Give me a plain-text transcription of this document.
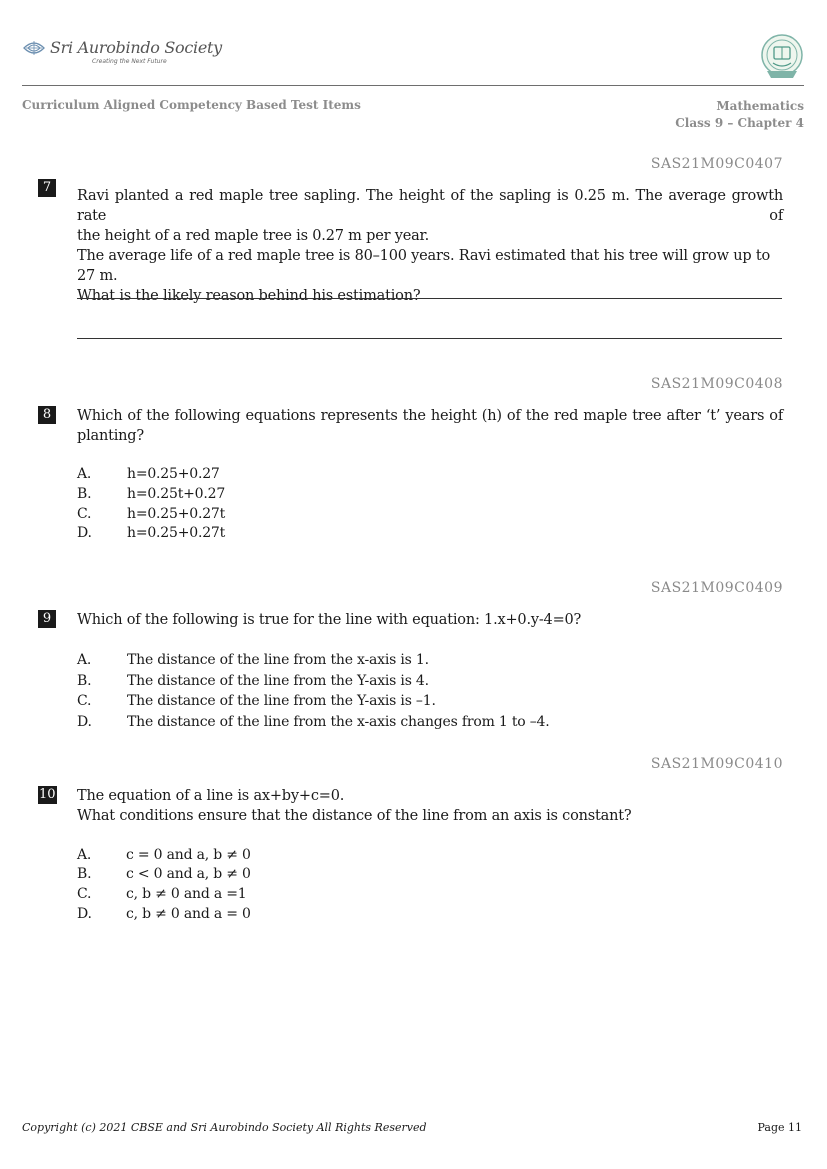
Sri Aurobindo Society
Creating the Next Future
Curriculum Aligned Competency Based Test Items	Mathematics
Class 9 – Chapter 4
SAS21M09C0407
7
Ravi planted a red maple tree sapling. The height of the sapling is 0.25 m. The average growth rate of
the height of a red maple tree is 0.27 m per year.
The average life of a red maple tree is 80–100 years. Ravi estimated that his tree will grow up to 27 m.
What is the likely reason behind his estimation?
SAS21M09C0408
8	Which of the following equations represents the height (h) of the red maple tree after ‘t’ years of
planting?
A.	h=0.25+0.27
B.	h=0.25t+0.27
C.	h=0.25+0.27t
D.	h=0.25+0.27t
SAS21M09C0409
9	Which of the following is true for the line with equation: 1.x+0.y-4=0?
A.	The distance of the line from the x-axis is 1.
B.	The distance of the line from the Y-axis is 4.
C.	The distance of the line from the Y-axis is –1.
D.	The distance of the line from the x-axis changes from 1 to –4.
SAS21M09C0410
10 The equation of a line is ax+by+c=0.
What conditions ensure that the distance of the line from an axis is constant?
A. c = 0 and a, b ≠ 0
B. c < 0 and a, b ≠ 0
C. c, b ≠ 0 and a =1
D. c, b ≠ 0 and a = 0
Copyright (c) 2021 CBSE and Sri Aurobindo Society All Rights Reserved	Page 11
